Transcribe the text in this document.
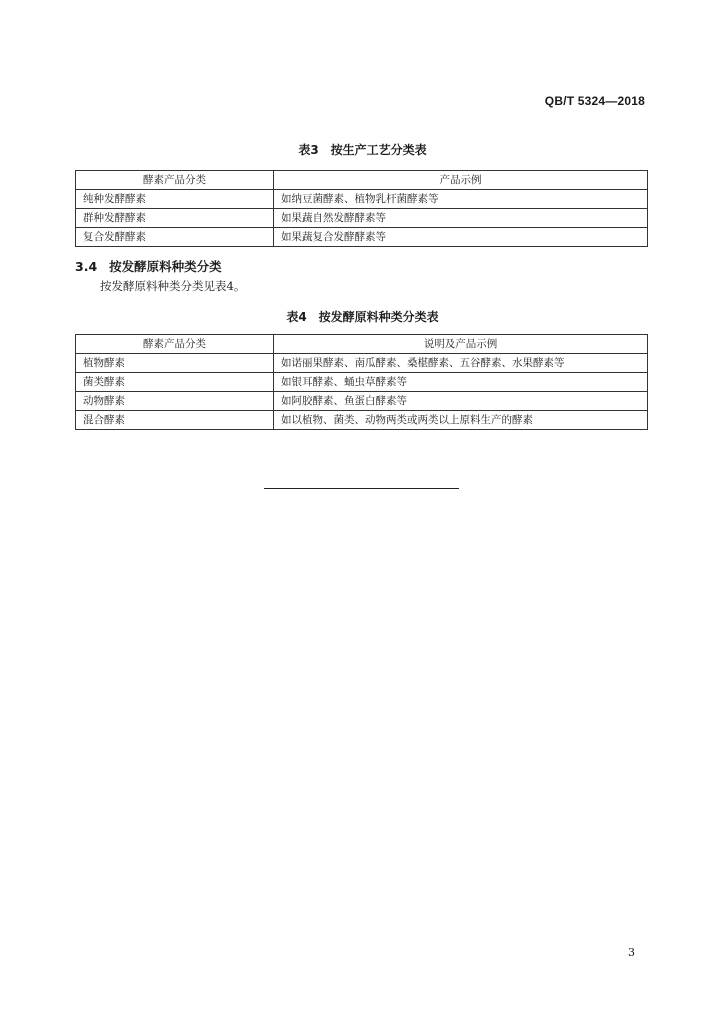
QB/T 5324—2018
表3　按生产工艺分类表
酵素产品分类	产品示例
纯种发酵酵素	如纳豆菌酵素、植物乳杆菌酵素等
群种发酵酵素	如果蔬自然发酵酵素等
复合发酵酵素	如果蔬复合发酵酵素等
3.4 按发酵原料种类分类
按发酵原料种类分类见表4。
表4　按发酵原料种类分类表
酵素产品分类	说明及产品示例
植物酵素	如诺丽果酵素、南瓜酵素、桑椹酵素、五谷酵素、水果酵素等
菌类酵素	如银耳酵素、蛹虫草酵素等
动物酵素	如阿胶酵素、鱼蛋白酵素等
混合酵素	如以植物、菌类、动物两类或两类以上原料生产的酵素
3
